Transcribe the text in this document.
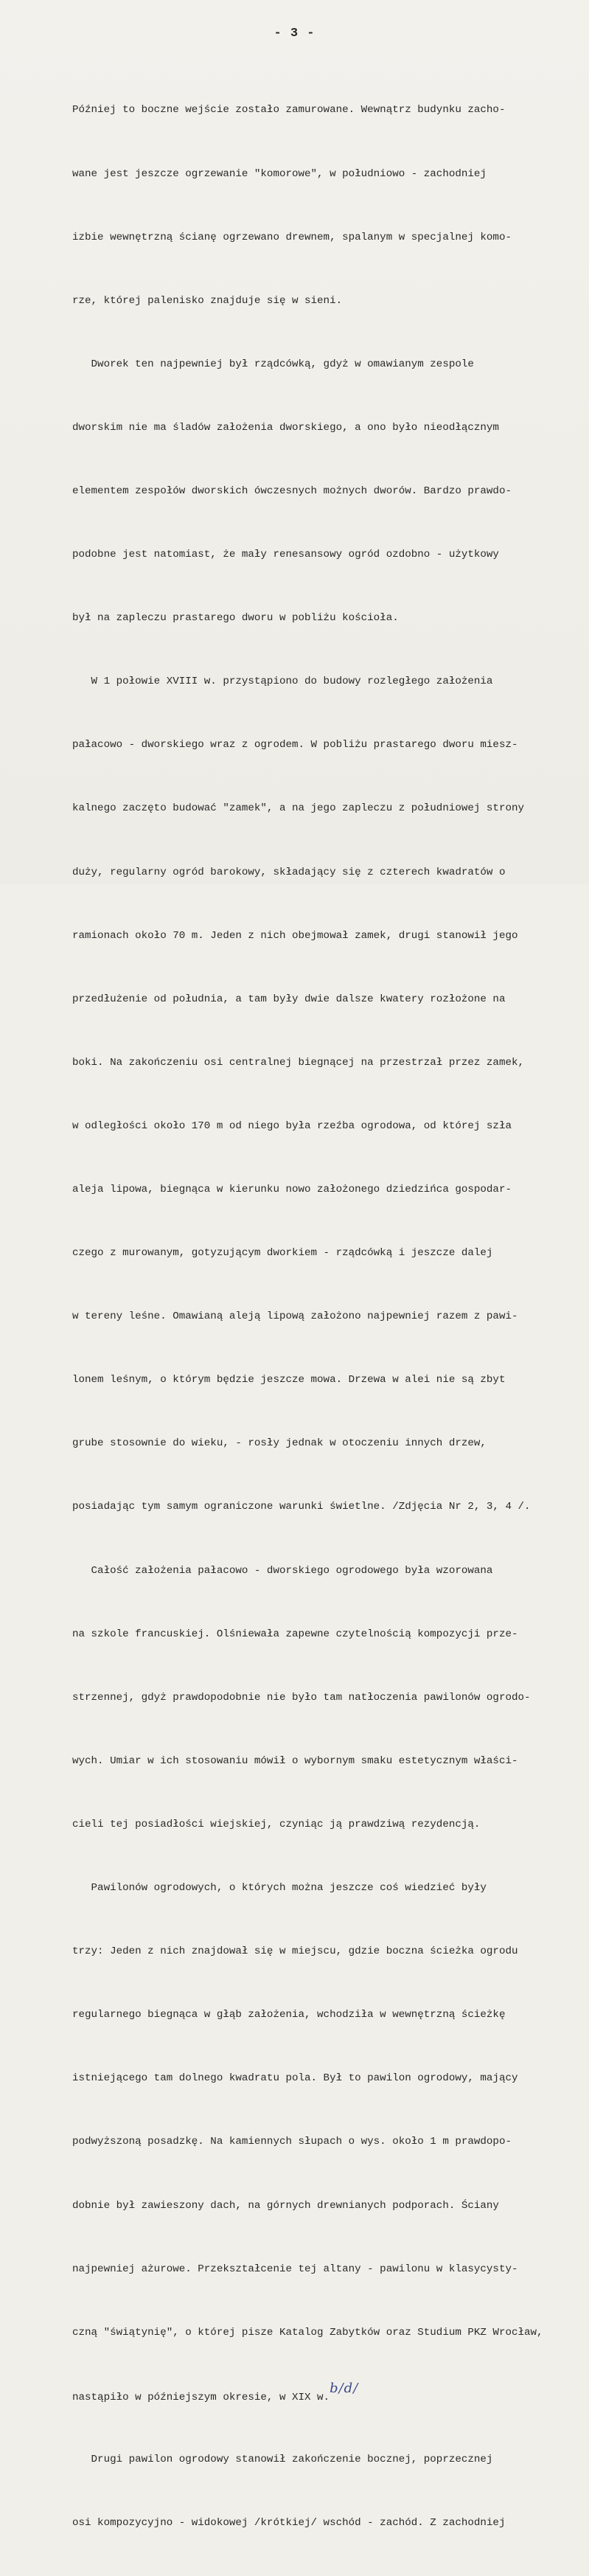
- 3 -

Później to boczne wejście zostało zamurowane. Wewnątrz budynku zacho-

wane jest jeszcze ogrzewanie "komorowe", w południowo - zachodniej

izbie wewnętrzną ścianę ogrzewano drewnem, spalanym w specjalnej komo-

rze, której palenisko znajduje się w sieni.

Dworek ten najpewniej był rządcówką, gdyż w omawianym zespole

dworskim nie ma śladów założenia dworskiego, a ono było nieodłącznym

elementem zespołów dworskich ówczesnych możnych dworów. Bardzo prawdo-

podobne jest natomiast, że mały renesansowy ogród ozdobno - użytkowy

był na zapleczu prastarego dworu w pobliżu kościoła.

W 1 połowie XVIII w. przystąpiono do budowy rozległego założenia

pałacowo - dworskiego wraz z ogrodem. W pobliżu prastarego dworu miesz-

kalnego zaczęto budować "zamek", a na jego zapleczu z południowej strony

duży, regularny ogród barokowy, składający się z czterech kwadratów o

ramionach około 70 m. Jeden z nich obejmował zamek, drugi stanowił jego

przedłużenie od południa, a tam były dwie dalsze kwatery rozłożone na

boki. Na zakończeniu osi centralnej biegnącej na przestrzał przez zamek,

w odległości około 170 m od niego była rzeźba ogrodowa, od której szła

aleja lipowa, biegnąca w kierunku nowo założonego dziedzińca gospodar-

czego z murowanym, gotyzującym dworkiem - rządcówką i jeszcze dalej

w tereny leśne. Omawianą aleją lipową założono najpewniej razem z pawi-

lonem leśnym, o którym będzie jeszcze mowa. Drzewa w alei nie są zbyt

grube stosownie do wieku, - rosły jednak w otoczeniu innych drzew,

posiadając tym samym ograniczone warunki świetlne. /Zdjęcia Nr 2, 3, 4 /.

Całość założenia pałacowo - dworskiego ogrodowego była wzorowana

na szkole francuskiej. Olśniewała zapewne czytelnością kompozycji prze-

strzennej, gdyż prawdopodobnie nie było tam natłoczenia pawilonów ogrodo-

wych. Umiar w ich stosowaniu mówił o wybornym smaku estetycznym właści-

cieli tej posiadłości wiejskiej, czyniąc ją prawdziwą rezydencją.

Pawilonów ogrodowych, o których można jeszcze coś wiedzieć były

trzy: Jeden z nich znajdował się w miejscu, gdzie boczna ścieżka ogrodu

regularnego biegnąca w głąb założenia, wchodziła w wewnętrzną ścieżkę

istniejącego tam dolnego kwadratu pola. Był to pawilon ogrodowy, mający

podwyższoną posadzkę. Na kamiennych słupach o wys. około 1 m prawdopo-

dobnie był zawieszony dach, na górnych drewnianych podporach. Ściany

najpewniej ażurowe. Przekształcenie tej altany - pawilonu w klasycysty-

czną "świątynię", o której pisze Katalog Zabytków oraz Studium PKZ Wrocław,

nastąpiło w późniejszym okresie, w XIX w.b/d/

Drugi pawilon ogrodowy stanowił zakończenie bocznej, poprzecznej

osi kompozycyjno - widokowej /krótkiej/ wschód - zachód. Z zachodniej
